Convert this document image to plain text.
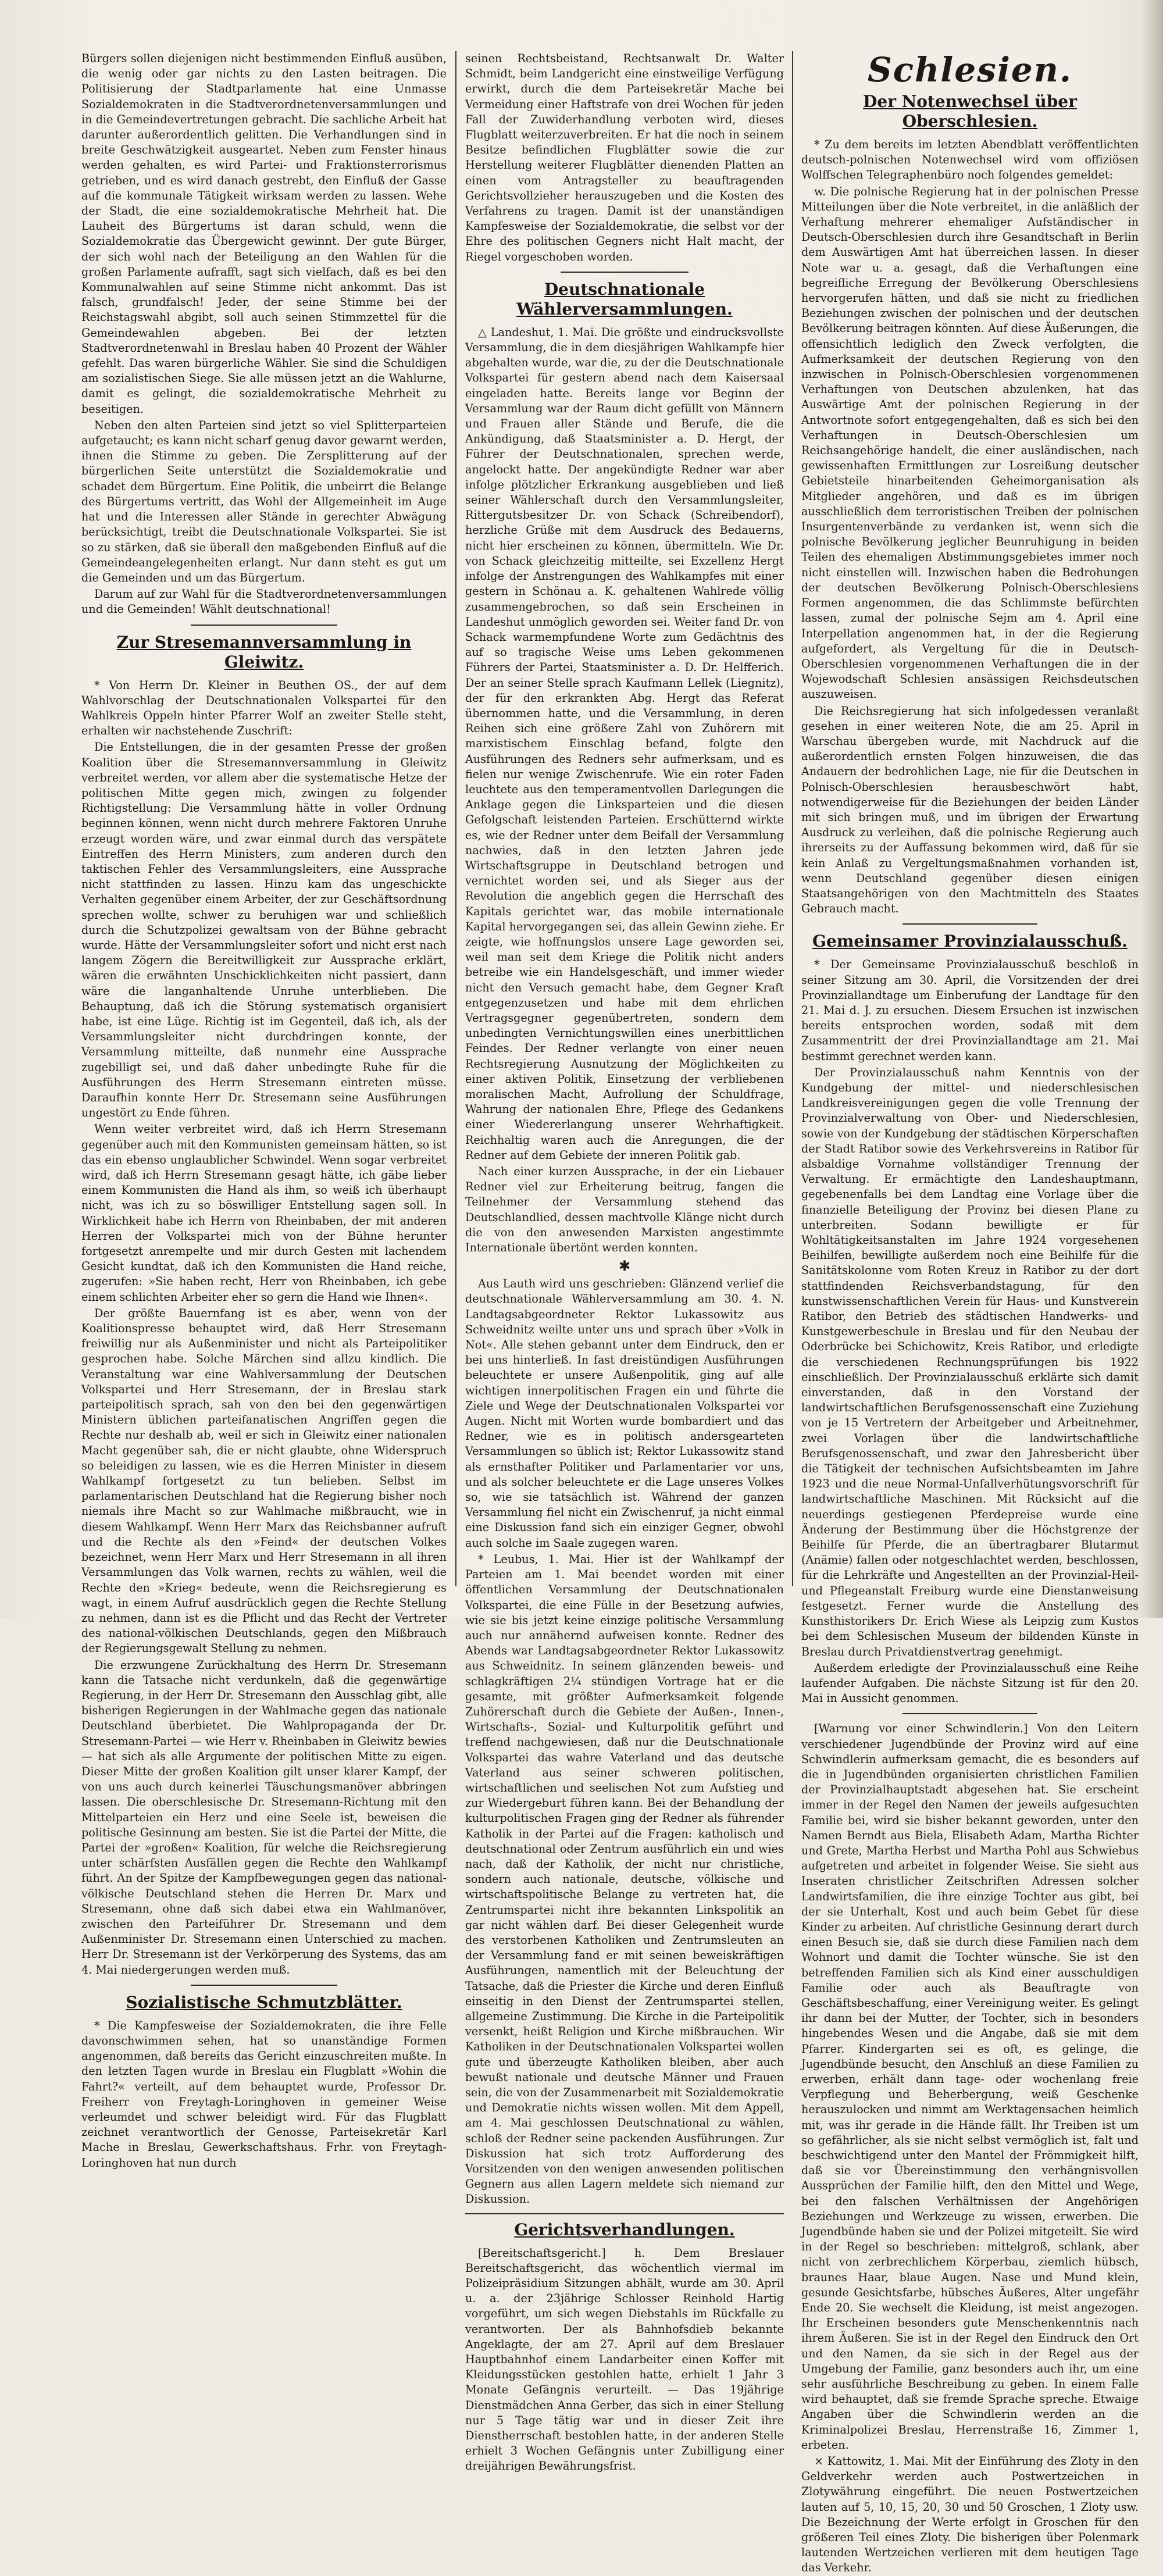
Bürgers sollen diejenigen nicht bestimmenden Einfluß ausüben, die wenig oder gar nichts zu den Lasten beitragen. Die Politisierung der Stadtparlamente hat eine Unmasse Sozialdemokraten in die Stadtverordnetenversammlungen und in die Gemeindevertretungen gebracht. Die sachliche Arbeit hat darunter außerordentlich gelitten. Die Verhandlungen sind in breite Geschwätzigkeit ausgeartet. Neben zum Fenster hinaus werden gehalten, es wird Partei- und Fraktionsterrorismus getrieben, und es wird danach gestrebt, den Einfluß der Gasse auf die kommunale Tätigkeit wirksam werden zu lassen. Wehe der Stadt, die eine sozialdemokratische Mehrheit hat. Die Lauheit des Bürgertums ist daran schuld, wenn die Sozialdemokratie das Übergewicht gewinnt. Der gute Bürger, der sich wohl nach der Beteiligung an den Wahlen für die großen Parlamente aufrafft, sagt sich vielfach, daß es bei den Kommunalwahlen auf seine Stimme nicht ankommt. Das ist falsch, grundfalsch! Jeder, der seine Stimme bei der Reichstagswahl abgibt, soll auch seinen Stimmzettel für die Gemeindewahlen abgeben. Bei der letzten Stadtverordnetenwahl in Breslau haben 40 Prozent der Wähler gefehlt. Das waren bürgerliche Wähler. Sie sind die Schuldigen am sozialistischen Siege. Sie alle müssen jetzt an die Wahlurne, damit es gelingt, die sozialdemokratische Mehrheit zu beseitigen.

Neben den alten Parteien sind jetzt so viel Splitterparteien aufgetaucht; es kann nicht scharf genug davor gewarnt werden, ihnen die Stimme zu geben. Die Zersplitterung auf der bürgerlichen Seite unterstützt die Sozialdemokratie und schadet dem Bürgertum. Eine Politik, die unbeirrt die Belange des Bürgertums vertritt, das Wohl der Allgemeinheit im Auge hat und die Interessen aller Stände in gerechter Abwägung berücksichtigt, treibt die Deutschnationale Volkspartei. Sie ist so zu stärken, daß sie überall den maßgebenden Einfluß auf die Gemeindeangelegenheiten erlangt. Nur dann steht es gut um die Gemeinden und um das Bürgertum.

Darum auf zur Wahl für die Stadtverordnetenversammlungen und die Gemeinden! Wählt deutschnational!

Zur Stresemannversammlung in Gleiwitz.

* Von Herrn Dr. Kleiner in Beuthen OS., der auf dem Wahlvorschlag der Deutschnationalen Volkspartei für den Wahlkreis Oppeln hinter Pfarrer Wolf an zweiter Stelle steht, erhalten wir nachstehende Zuschrift:

Die Entstellungen, die in der gesamten Presse der großen Koalition über die Stresemannversammlung in Gleiwitz verbreitet werden, vor allem aber die systematische Hetze der politischen Mitte gegen mich, zwingen zu folgender Richtigstellung: Die Versammlung hätte in voller Ordnung beginnen können, wenn nicht durch mehrere Faktoren Unruhe erzeugt worden wäre, und zwar einmal durch das verspätete Eintreffen des Herrn Ministers, zum anderen durch den taktischen Fehler des Versammlungsleiters, eine Aussprache nicht stattfinden zu lassen. Hinzu kam das ungeschickte Verhalten gegenüber einem Arbeiter, der zur Geschäftsordnung sprechen wollte, schwer zu beruhigen war und schließlich durch die Schutzpolizei gewaltsam von der Bühne gebracht wurde. Hätte der Versammlungsleiter sofort und nicht erst nach langem Zögern die Bereitwilligkeit zur Aussprache erklärt, wären die erwähnten Unschicklichkeiten nicht passiert, dann wäre die langanhaltende Unruhe unterblieben. Die Behauptung, daß ich die Störung systematisch organisiert habe, ist eine Lüge. Richtig ist im Gegenteil, daß ich, als der Versammlungsleiter nicht durchdringen konnte, der Versammlung mitteilte, daß nunmehr eine Aussprache zugebilligt sei, und daß daher unbedingte Ruhe für die Ausführungen des Herrn Stresemann eintreten müsse. Daraufhin konnte Herr Dr. Stresemann seine Ausführungen ungestört zu Ende führen.

Wenn weiter verbreitet wird, daß ich Herrn Stresemann gegenüber auch mit den Kommunisten gemeinsam hätten, so ist das ein ebenso unglaublicher Schwindel. Wenn sogar verbreitet wird, daß ich Herrn Stresemann gesagt hätte, ich gäbe lieber einem Kommunisten die Hand als ihm, so weiß ich überhaupt nicht, was ich zu so böswilliger Entstellung sagen soll. In Wirklichkeit habe ich Herrn von Rheinbaben, der mit anderen Herren der Volkspartei mich von der Bühne herunter fortgesetzt anrempelte und mir durch Gesten mit lachendem Gesicht kundtat, daß ich den Kommunisten die Hand reiche, zugerufen: »Sie haben recht, Herr von Rheinbaben, ich gebe einem schlichten Arbeiter eher so gern die Hand wie Ihnen«.

Der größte Bauernfang ist es aber, wenn von der Koalitionspresse behauptet wird, daß Herr Stresemann freiwillig nur als Außenminister und nicht als Parteipolitiker gesprochen habe. Solche Märchen sind allzu kindlich. Die Veranstaltung war eine Wahlversammlung der Deutschen Volkspartei und Herr Stresemann, der in Breslau stark parteipolitisch sprach, sah von den bei den gegenwärtigen Ministern üblichen parteifanatischen Angriffen gegen die Rechte nur deshalb ab, weil er sich in Gleiwitz einer nationalen Macht gegenüber sah, die er nicht glaubte, ohne Widerspruch so beleidigen zu lassen, wie es die Herren Minister in diesem Wahlkampf fortgesetzt zu tun belieben. Selbst im parlamentarischen Deutschland hat die Regierung bisher noch niemals ihre Macht so zur Wahlmache mißbraucht, wie in diesem Wahlkampf. Wenn Herr Marx das Reichsbanner aufruft und die Rechte als den »Feind« der deutschen Volkes bezeichnet, wenn Herr Marx und Herr Stresemann in all ihren Versammlungen das Volk warnen, rechts zu wählen, weil die Rechte den »Krieg« bedeute, wenn die Reichsregierung es wagt, in einem Aufruf ausdrücklich gegen die Rechte Stellung zu nehmen, dann ist es die Pflicht und das Recht der Vertreter des national-völkischen Deutschlands, gegen den Mißbrauch der Regierungsgewalt Stellung zu nehmen.

Die erzwungene Zurückhaltung des Herrn Dr. Stresemann kann die Tatsache nicht verdunkeln, daß die gegenwärtige Regierung, in der Herr Dr. Stresemann den Ausschlag gibt, alle bisherigen Regierungen in der Wahlmache gegen das nationale Deutschland überbietet. Die Wahlpropaganda der Dr. Stresemann-Partei — wie Herr v. Rheinbaben in Gleiwitz bewies — hat sich als alle Argumente der politischen Mitte zu eigen. Dieser Mitte der großen Koalition gilt unser klarer Kampf, der von uns auch durch keinerlei Täuschungsmanöver abbringen lassen. Die oberschlesische Dr. Stresemann-Richtung mit den Mittelparteien ein Herz und eine Seele ist, beweisen die politische Gesinnung am besten. Sie ist die Partei der Mitte, die Partei der »großen« Koalition, für welche die Reichsregierung unter schärfsten Ausfällen gegen die Rechte den Wahlkampf führt. An der Spitze der Kampfbewegungen gegen das national-völkische Deutschland stehen die Herren Dr. Marx und Stresemann, ohne daß sich dabei etwa ein Wahlmanöver, zwischen den Parteiführer Dr. Stresemann und dem Außenminister Dr. Stresemann einen Unterschied zu machen. Herr Dr. Stresemann ist der Verkörperung des Systems, das am 4. Mai niedergerungen werden muß.

Sozialistische Schmutzblätter.

* Die Kampfesweise der Sozialdemokraten, die ihre Felle davonschwimmen sehen, hat so unanständige Formen angenommen, daß bereits das Gericht einzuschreiten mußte. In den letzten Tagen wurde in Breslau ein Flugblatt »Wohin die Fahrt?« verteilt, auf dem behauptet wurde, Professor Dr. Freiherr von Freytagh-Loringhoven in gemeiner Weise verleumdet und schwer beleidigt wird. Für das Flugblatt zeichnet verantwortlich der Genosse, Parteisekretär Karl Mache in Breslau, Gewerkschaftshaus. Frhr. von Freytagh-Loringhoven hat nun durch

seinen Rechtsbeistand, Rechtsanwalt Dr. Walter Schmidt, beim Landgericht eine einstweilige Verfügung erwirkt, durch die dem Parteisekretär Mache bei Vermeidung einer Haftstrafe von drei Wochen für jeden Fall der Zuwiderhandlung verboten wird, dieses Flugblatt weiterzuverbreiten. Er hat die noch in seinem Besitze befindlichen Flugblätter sowie die zur Herstellung weiterer Flugblätter dienenden Platten an einen vom Antragsteller zu beauftragenden Gerichtsvollzieher herauszugeben und die Kosten des Verfahrens zu tragen. Damit ist der unanständigen Kampfesweise der Sozialdemokratie, die selbst vor der Ehre des politischen Gegners nicht Halt macht, der Riegel vorgeschoben worden.

Deutschnationale Wählerversammlungen.

△ Landeshut, 1. Mai. Die größte und eindrucksvollste Versammlung, die in dem diesjährigen Wahlkampfe hier abgehalten wurde, war die, zu der die Deutschnationale Volkspartei für gestern abend nach dem Kaisersaal eingeladen hatte. Bereits lange vor Beginn der Versammlung war der Raum dicht gefüllt von Männern und Frauen aller Stände und Berufe, die die Ankündigung, daß Staatsminister a. D. Hergt, der Führer der Deutschnationalen, sprechen werde, angelockt hatte. Der angekündigte Redner war aber infolge plötzlicher Erkrankung ausgeblieben und ließ seiner Wählerschaft durch den Versammlungsleiter, Rittergutsbesitzer Dr. von Schack (Schreibendorf), herzliche Grüße mit dem Ausdruck des Bedauerns, nicht hier erscheinen zu können, übermitteln. Wie Dr. von Schack gleichzeitig mitteilte, sei Exzellenz Hergt infolge der Anstrengungen des Wahlkampfes mit einer gestern in Schönau a. K. gehaltenen Wahlrede völlig zusammengebrochen, so daß sein Erscheinen in Landeshut unmöglich geworden sei. Weiter fand Dr. von Schack warmempfundene Worte zum Gedächtnis des auf so tragische Weise ums Leben gekommenen Führers der Partei, Staatsminister a. D. Dr. Helfferich. Der an seiner Stelle sprach Kaufmann Lellek (Liegnitz), der für den erkrankten Abg. Hergt das Referat übernommen hatte, und die Versammlung, in deren Reihen sich eine größere Zahl von Zuhörern mit marxistischem Einschlag befand, folgte den Ausführungen des Redners sehr aufmerksam, und es fielen nur wenige Zwischenrufe. Wie ein roter Faden leuchtete aus den temperamentvollen Darlegungen die Anklage gegen die Linksparteien und die diesen Gefolgschaft leistenden Parteien. Erschütternd wirkte es, wie der Redner unter dem Beifall der Versammlung nachwies, daß in den letzten Jahren jede Wirtschaftsgruppe in Deutschland betrogen und vernichtet worden sei, und als Sieger aus der Revolution die angeblich gegen die Herrschaft des Kapitals gerichtet war, das mobile internationale Kapital hervorgegangen sei, das allein Gewinn ziehe. Er zeigte, wie hoffnungslos unsere Lage geworden sei, weil man seit dem Kriege die Politik nicht anders betreibe wie ein Handelsgeschäft, und immer wieder nicht den Versuch gemacht habe, dem Gegner Kraft entgegenzusetzen und habe mit dem ehrlichen Vertragsgegner gegenübertreten, sondern dem unbedingten Vernichtungswillen eines unerbittlichen Feindes. Der Redner verlangte von einer neuen Rechtsregierung Ausnutzung der Möglichkeiten zu einer aktiven Politik, Einsetzung der verbliebenen moralischen Macht, Aufrollung der Schuldfrage, Wahrung der nationalen Ehre, Pflege des Gedankens einer Wiedererlangung unserer Wehrhaftigkeit. Reichhaltig waren auch die Anregungen, die der Redner auf dem Gebiete der inneren Politik gab.

Nach einer kurzen Aussprache, in der ein Liebauer Redner viel zur Erheiterung beitrug, fangen die Teilnehmer der Versammlung stehend das Deutschlandlied, dessen machtvolle Klänge nicht durch die von den anwesenden Marxisten angestimmte Internationale übertönt werden konnten.

✱

Aus Lauth wird uns geschrieben: Glänzend verlief die deutschnationale Wählerversammlung am 30. 4. N. Landtagsabgeordneter Rektor Lukassowitz aus Schweidnitz weilte unter uns und sprach über »Volk in Not«. Alle stehen gebannt unter dem Eindruck, den er bei uns hinterließ. In fast dreistündigen Ausführungen beleuchtete er unsere Außenpolitik, ging auf alle wichtigen innerpolitischen Fragen ein und führte die Ziele und Wege der Deutschnationalen Volkspartei vor Augen. Nicht mit Worten wurde bombardiert und das Redner, wie es in politisch andersgearteten Versammlungen so üblich ist; Rektor Lukassowitz stand als ernsthafter Politiker und Parlamentarier vor uns, und als solcher beleuchtete er die Lage unseres Volkes so, wie sie tatsächlich ist. Während der ganzen Versammlung fiel nicht ein Zwischenruf, ja nicht einmal eine Diskussion fand sich ein einziger Gegner, obwohl auch solche im Saale zugegen waren.

* Leubus, 1. Mai. Hier ist der Wahlkampf der Parteien am 1. Mai beendet worden mit einer öffentlichen Versammlung der Deutschnationalen Volkspartei, die eine Fülle in der Besetzung aufwies, wie sie bis jetzt keine einzige politische Versammlung auch nur annähernd aufweisen konnte. Redner des Abends war Landtagsabgeordneter Rektor Lukassowitz aus Schweidnitz. In seinem glänzenden beweis- und schlagkräftigen 2¼ stündigen Vortrage hat er die gesamte, mit größter Aufmerksamkeit folgende Zuhörerschaft durch die Gebiete der Außen-, Innen-, Wirtschafts-, Sozial- und Kulturpolitik geführt und treffend nachgewiesen, daß nur die Deutschnationale Volkspartei das wahre Vaterland und das deutsche Vaterland aus seiner schweren politischen, wirtschaftlichen und seelischen Not zum Aufstieg und zur Wiedergeburt führen kann. Bei der Behandlung der kulturpolitischen Fragen ging der Redner als führender Katholik in der Partei auf die Fragen: katholisch und deutschnational oder Zentrum ausführlich ein und wies nach, daß der Katholik, der nicht nur christliche, sondern auch nationale, deutsche, völkische und wirtschaftspolitische Belange zu vertreten hat, die Zentrumspartei nicht ihre bekannten Linkspolitik an gar nicht wählen darf. Bei dieser Gelegenheit wurde des verstorbenen Katholiken und Zentrumsleuten an der Versammlung fand er mit seinen beweiskräftigen Ausführungen, namentlich mit der Beleuchtung der Tatsache, daß die Priester die Kirche und deren Einfluß einseitig in den Dienst der Zentrumspartei stellen, allgemeine Zustimmung. Die Kirche in die Parteipolitik versenkt, heißt Religion und Kirche mißbrauchen. Wir Katholiken in der Deutschnationalen Volkspartei wollen gute und überzeugte Katholiken bleiben, aber auch bewußt nationale und deutsche Männer und Frauen sein, die von der Zusammenarbeit mit Sozialdemokratie und Demokratie nichts wissen wollen. Mit dem Appell, am 4. Mai geschlossen Deutschnational zu wählen, schloß der Redner seine packenden Ausführungen. Zur Diskussion hat sich trotz Aufforderung des Vorsitzenden von den wenigen anwesenden politischen Gegnern aus allen Lagern meldete sich niemand zur Diskussion.

Gerichtsverhandlungen.

[Bereitschaftsgericht.] h. Dem Breslauer Bereitschaftsgericht, das wöchentlich viermal im Polizeipräsidium Sitzungen abhält, wurde am 30. April u. a. der 23jährige Schlosser Reinhold Hartig vorgeführt, um sich wegen Diebstahls im Rückfalle zu verantworten. Der als Bahnhofsdieb bekannte Angeklagte, der am 27. April auf dem Breslauer Hauptbahnhof einem Landarbeiter einen Koffer mit Kleidungsstücken gestohlen hatte, erhielt 1 Jahr 3 Monate Gefängnis verurteilt. — Das 19jährige Dienstmädchen Anna Gerber, das sich in einer Stellung nur 5 Tage tätig war und in dieser Zeit ihre Dienstherrschaft bestohlen hatte, in der anderen Stelle erhielt 3 Wochen Gefängnis unter Zubilligung einer dreijährigen Bewährungsfrist.

Schlesien.
Der Notenwechsel über Oberschlesien.

* Zu dem bereits im letzten Abendblatt veröffentlichten deutsch-polnischen Notenwechsel wird vom offiziösen Wolffschen Telegraphenbüro noch folgendes gemeldet:

w. Die polnische Regierung hat in der polnischen Presse Mitteilungen über die Note verbreitet, in die anläßlich der Verhaftung mehrerer ehemaliger Aufständischer in Deutsch-Oberschlesien durch ihre Gesandtschaft in Berlin dem Auswärtigen Amt hat überreichen lassen. In dieser Note war u. a. gesagt, daß die Verhaftungen eine begreifliche Erregung der Bevölkerung Oberschlesiens hervorgerufen hätten, und daß sie nicht zu friedlichen Beziehungen zwischen der polnischen und der deutschen Bevölkerung beitragen könnten. Auf diese Äußerungen, die offensichtlich lediglich den Zweck verfolgten, die Aufmerksamkeit der deutschen Regierung von den inzwischen in Polnisch-Oberschlesien vorgenommenen Verhaftungen von Deutschen abzulenken, hat das Auswärtige Amt der polnischen Regierung in der Antwortnote sofort entgegengehalten, daß es sich bei den Verhaftungen in Deutsch-Oberschlesien um Reichsangehörige handelt, die einer ausländischen, nach gewissenhaften Ermittlungen zur Losreißung deutscher Gebietsteile hinarbeitenden Geheimorganisation als Mitglieder angehören, und daß es im übrigen ausschließlich dem terroristischen Treiben der polnischen Insurgentenverbände zu verdanken ist, wenn sich die polnische Bevölkerung jeglicher Beunruhigung in beiden Teilen des ehemaligen Abstimmungsgebietes immer noch nicht einstellen will. Inzwischen haben die Bedrohungen der deutschen Bevölkerung Polnisch-Oberschlesiens Formen angenommen, die das Schlimmste befürchten lassen, zumal der polnische Sejm am 4. April eine Interpellation angenommen hat, in der die Regierung aufgefordert, als Vergeltung für die in Deutsch-Oberschlesien vorgenommenen Verhaftungen die in der Wojewodschaft Schlesien ansässigen Reichsdeutschen auszuweisen.

Die Reichsregierung hat sich infolgedessen veranlaßt gesehen in einer weiteren Note, die am 25. April in Warschau übergeben wurde, mit Nachdruck auf die außerordentlich ernsten Folgen hinzuweisen, die das Andauern der bedrohlichen Lage, nie für die Deutschen in Polnisch-Oberschlesien herausbeschwört habt, notwendigerweise für die Beziehungen der beiden Länder mit sich bringen muß, und im übrigen der Erwartung Ausdruck zu verleihen, daß die polnische Regierung auch ihrerseits zu der Auffassung bekommen wird, daß für sie kein Anlaß zu Vergeltungsmaßnahmen vorhanden ist, wenn Deutschland gegenüber diesen einigen Staatsangehörigen von den Machtmitteln des Staates Gebrauch macht.

Gemeinsamer Provinzialausschuß.

* Der Gemeinsame Provinzialausschuß beschloß in seiner Sitzung am 30. April, die Vorsitzenden der drei Provinziallandtage um Einberufung der Landtage für den 21. Mai d. J. zu ersuchen. Diesem Ersuchen ist inzwischen bereits entsprochen worden, sodaß mit dem Zusammentritt der drei Provinziallandtage am 21. Mai bestimmt gerechnet werden kann.

Der Provinzialausschuß nahm Kenntnis von der Kundgebung der mittel- und niederschlesischen Landkreisvereinigungen gegen die volle Trennung der Provinzialverwaltung von Ober- und Niederschlesien, sowie von der Kundgebung der städtischen Körperschaften der Stadt Ratibor sowie des Verkehrsvereins in Ratibor für alsbaldige Vornahme vollständiger Trennung der Verwaltung. Er ermächtigte den Landeshauptmann, gegebenenfalls bei dem Landtag eine Vorlage über die finanzielle Beteiligung der Provinz bei diesen Plane zu unterbreiten. Sodann bewilligte er für Wohltätigkeitsanstalten im Jahre 1924 vorgesehenen Beihilfen, bewilligte außerdem noch eine Beihilfe für die Sanitätskolonne vom Roten Kreuz in Ratibor zu der dort stattfindenden Reichsverbandstagung, für den kunstwissenschaftlichen Verein für Haus- und Kunstverein Ratibor, den Betrieb des städtischen Handwerks- und Kunstgewerbeschule in Breslau und für den Neubau der Oderbrücke bei Schichowitz, Kreis Ratibor, und erledigte die verschiedenen Rechnungsprüfungen bis 1922 einschließlich. Der Provinzialausschuß erklärte sich damit einverstanden, daß in den Vorstand der landwirtschaftlichen Berufsgenossenschaft eine Zuziehung von je 15 Vertretern der Arbeitgeber und Arbeitnehmer, zwei Vorlagen über die landwirtschaftliche Berufsgenossenschaft, und zwar den Jahresbericht über die Tätigkeit der technischen Aufsichtsbeamten im Jahre 1923 und die neue Normal-Unfallverhütungsvorschrift für landwirtschaftliche Maschinen. Mit Rücksicht auf die neuerdings gestiegenen Pferdepreise wurde eine Änderung der Bestimmung über die Höchstgrenze der Beihilfe für Pferde, die an übertragbarer Blutarmut (Anämie) fallen oder notgeschlachtet werden, beschlossen, für die Lehrkräfte und Angestellten an der Provinzial-Heil- und Pflegeanstalt Freiburg wurde eine Dienstanweisung festgesetzt. Ferner wurde die Anstellung des Kunsthistorikers Dr. Erich Wiese als Leipzig zum Kustos bei dem Schlesischen Museum der bildenden Künste in Breslau durch Privatdienstvertrag genehmigt.

Außerdem erledigte der Provinzialausschuß eine Reihe laufender Aufgaben. Die nächste Sitzung ist für den 20. Mai in Aussicht genommen.

[Warnung vor einer Schwindlerin.] Von den Leitern verschiedener Jugendbünde der Provinz wird auf eine Schwindlerin aufmerksam gemacht, die es besonders auf die in Jugendbünden organisierten christlichen Familien der Provinzialhauptstadt abgesehen hat. Sie erscheint immer in der Regel den Namen der jeweils aufgesuchten Familie bei, wird sie bisher bekannt geworden, unter den Namen Berndt aus Biela, Elisabeth Adam, Martha Richter und Grete, Martha Herbst und Martha Pohl aus Schwiebus aufgetreten und arbeitet in folgender Weise. Sie sieht aus Inseraten christlicher Zeitschriften Adressen solcher Landwirtsfamilien, die ihre einzige Tochter aus gibt, bei der sie Unterhalt, Kost und auch beim Gebet für diese Kinder zu arbeiten. Auf christliche Gesinnung derart durch einen Besuch sie, daß sie durch diese Familien nach dem Wohnort und damit die Tochter wünsche. Sie ist den betreffenden Familien sich als Kind einer ausschuldigen Familie oder auch als Beauftragte von Geschäftsbeschaffung, einer Vereinigung weiter. Es gelingt ihr dann bei der Mutter, der Tochter, sich in besonders hingebendes Wesen und die Angabe, daß sie mit dem Pfarrer. Kindergarten sei es oft, es gelinge, die Jugendbünde besucht, den Anschluß an diese Familien zu erwerben, erhält dann tage- oder wochenlang freie Verpflegung und Beherbergung, weiß Geschenke herauszulocken und nimmt am Werktagensachen heimlich mit, was ihr gerade in die Hände fällt. Ihr Treiben ist um so gefährlicher, als sie nicht selbst vermöglich ist, falt und beschwichtigend unter den Mantel der Frömmigkeit hilft, daß sie vor Übereinstimmung den verhängnisvollen Aussprüchen der Familie hilft, den den Mittel und Wege, bei den falschen Verhältnissen der Angehörigen Beziehungen und Werkzeuge zu wissen, erwerben. Die Jugendbünde haben sie und der Polizei mitgeteilt. Sie wird in der Regel so beschrieben: mittelgroß, schlank, aber nicht von zerbrechlichem Körperbau, ziemlich hübsch, braunes Haar, blaue Augen. Nase und Mund klein, gesunde Gesichtsfarbe, hübsches Äußeres, Alter ungefähr Ende 20. Sie wechselt die Kleidung, ist meist angezogen. Ihr Erscheinen besonders gute Menschenkenntnis nach ihrem Äußeren. Sie ist in der Regel den Eindruck den Ort und den Namen, da sie sich in der Regel aus der Umgebung der Familie, ganz besonders auch ihr, um eine sehr ausführliche Beschreibung zu geben. In einem Falle wird behauptet, daß sie fremde Sprache spreche. Etwaige Angaben über die Schwindlerin werden an die Kriminalpolizei Breslau, Herrenstraße 16, Zimmer 1, erbeten.

× Kattowitz, 1. Mai. Mit der Einführung des Zloty in den Geldverkehr werden auch Postwertzeichen in Zlotywährung eingeführt. Die neuen Postwertzeichen lauten auf 5, 10, 15, 20, 30 und 50 Groschen, 1 Zloty usw. Die Bezeichnung der Werte erfolgt in Groschen für den größeren Teil eines Zloty. Die bisherigen über Polenmark lautenden Wertzeichen verlieren mit dem heutigen Tage das Verkehr.
